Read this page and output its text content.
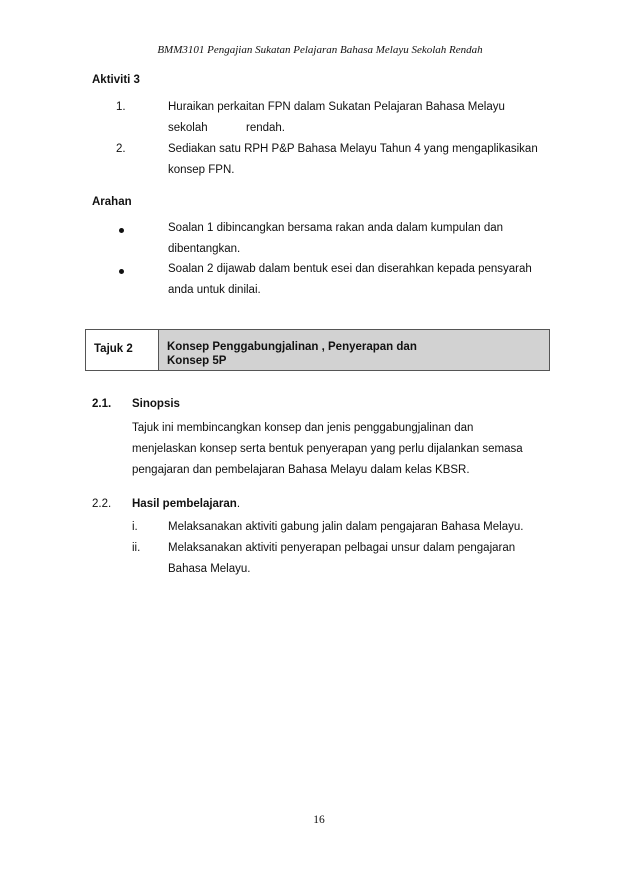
BMM3101 Pengajian Sukatan Pelajaran Bahasa Melayu Sekolah Rendah
Aktiviti 3
1.	Huraikan perkaitan FPN dalam Sukatan Pelajaran Bahasa Melayu
sekolah	rendah.
2.	Sediakan satu RPH P&P Bahasa Melayu Tahun 4 yang mengaplikasikan
konsep FPN.
Arahan
Soalan 1 dibincangkan bersama rakan anda dalam kumpulan dan
dibentangkan.
Soalan 2 dijawab dalam bentuk esei dan diserahkan kepada pensyarah
anda untuk dinilai.
Tajuk 2	Konsep Penggabungjalinan , Penyerapan dan
Konsep 5P
2.1. Sinopsis
Tajuk ini membincangkan konsep dan jenis penggabungjalinan dan
menjelaskan konsep serta bentuk penyerapan yang perlu dijalankan semasa
pengajaran dan pembelajaran Bahasa Melayu dalam kelas KBSR.
2.2. Hasil pembelajaran.
i.	Melaksanakan aktiviti gabung jalin dalam pengajaran Bahasa Melayu.
ii. Melaksanakan aktiviti penyerapan pelbagai unsur dalam pengajaran
Bahasa Melayu.
16
